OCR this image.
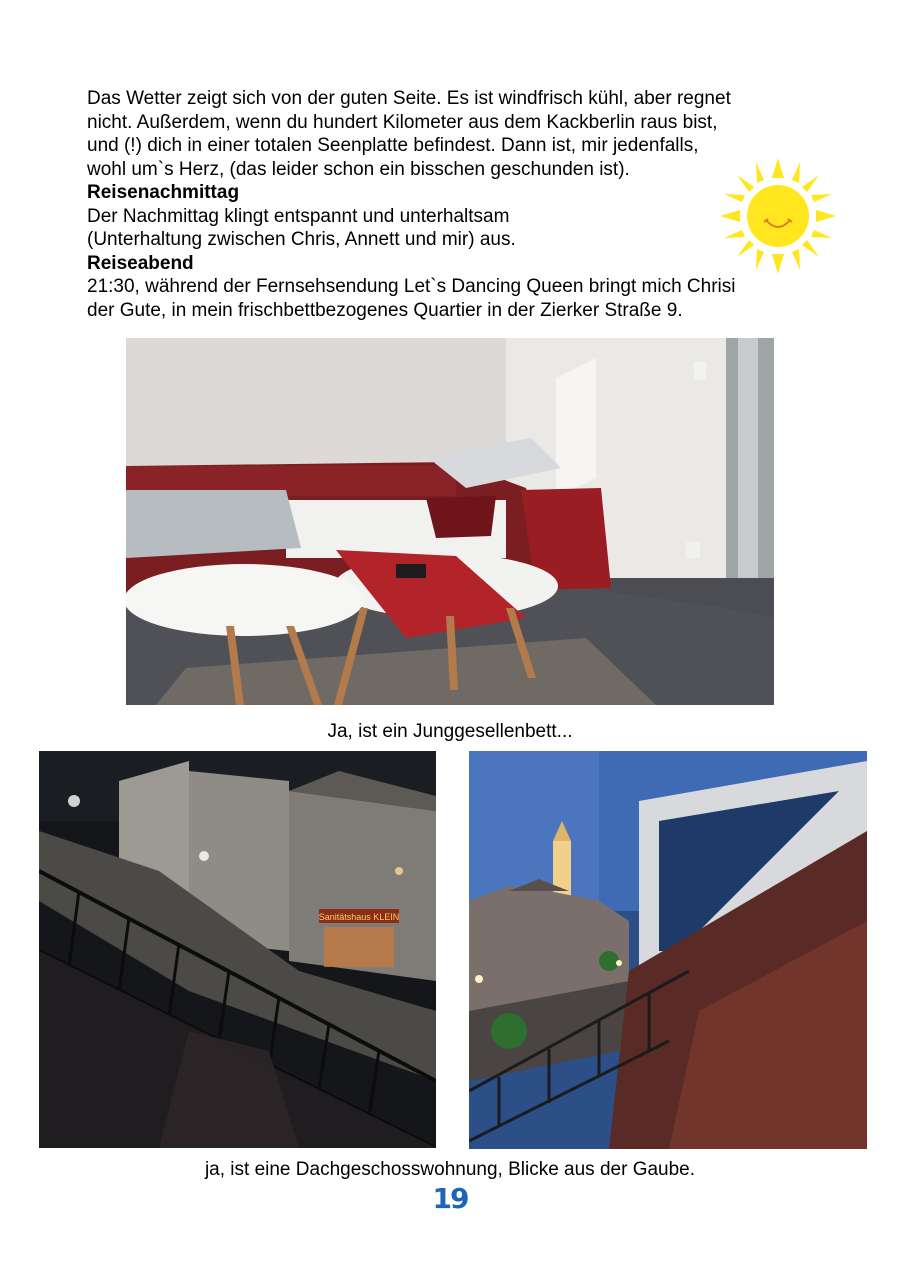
Das Wetter zeigt sich von der guten Seite. Es ist windfrisch kühl, aber regnet

nicht. Außerdem, wenn du hundert Kilometer aus dem Kackberlin raus bist,

und (!) dich in einer totalen Seenplatte befindest. Dann ist, mir jedenfalls,

wohl um`s Herz, (das leider schon ein bisschen geschunden ist).

Reisenachmittag

Der Nachmittag klingt entspannt und unterhaltsam

(Unterhaltung zwischen Chris, Annett und mir) aus.

Reiseabend

21:30, während der Fernsehsendung Let`s Dancing Queen bringt mich Chrisi

der Gute, in mein frischbettbezogenes Quartier in der Zierker Straße 9.

Ja, ist ein Junggesellenbett...
Sanitätshaus KLEIN
ja, ist eine Dachgeschosswohnung, Blicke aus der Gaube.
19
